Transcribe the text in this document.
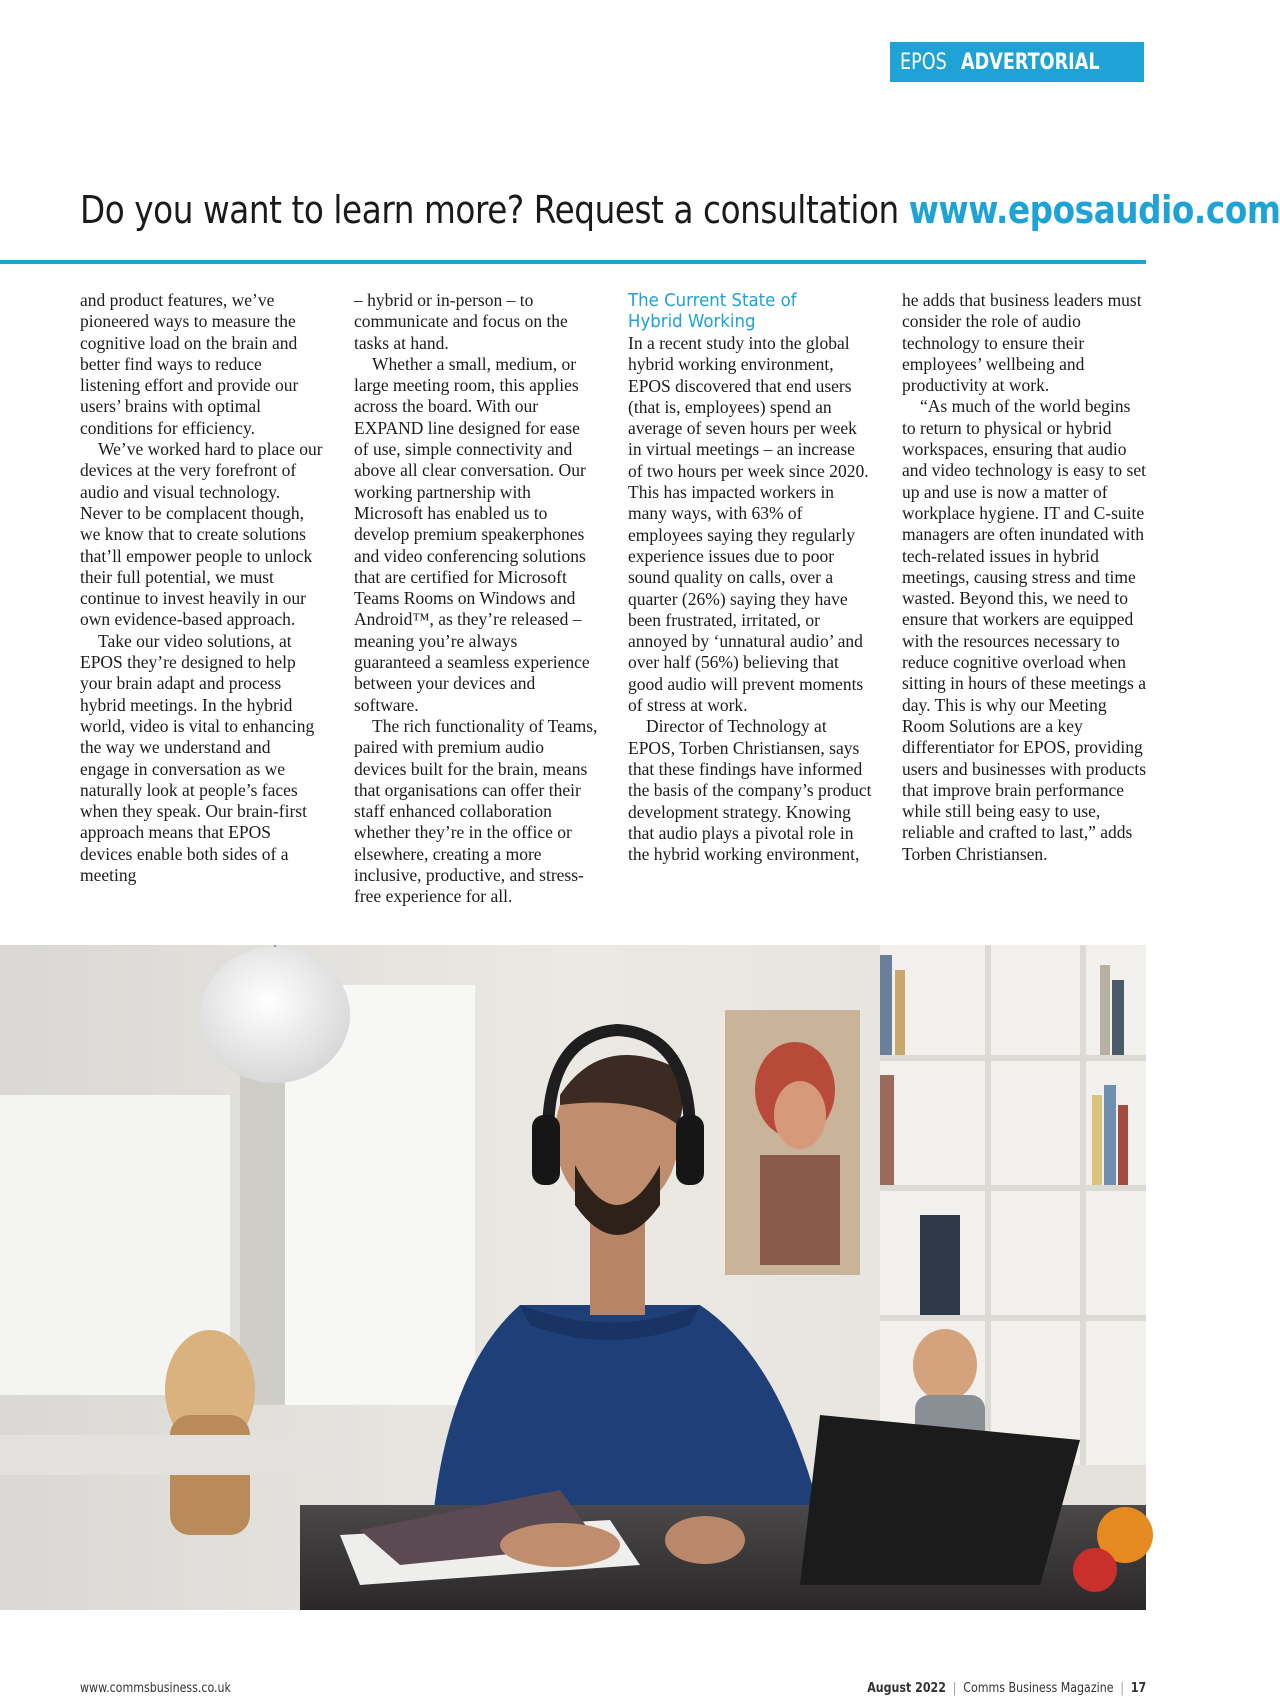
EPOS ADVERTORIAL
Do you want to learn more? Request a consultation www.eposaudio.com

and product features, we’ve pioneered ways to measure the cognitive load on the brain and better find ways to reduce listening effort and provide our users’ brains with optimal conditions for efficiency.

We’ve worked hard to place our devices at the very forefront of audio and visual technology. Never to be complacent though, we know that to create solutions that’ll empower people to unlock their full potential, we must continue to invest heavily in our own evidence-based approach.

Take our video solutions, at EPOS they’re designed to help your brain adapt and process hybrid meetings. In the hybrid world, video is vital to enhancing the way we understand and engage in conversation as we naturally look at people’s faces when they speak. Our brain-first approach means that EPOS devices enable both sides of a meeting

– hybrid or in-person – to communicate and focus on the tasks at hand.

Whether a small, medium, or large meeting room, this applies across the board. With our EXPAND line designed for ease of use, simple connectivity and above all clear conversation. Our working partnership with Microsoft has enabled us to develop premium speakerphones and video conferencing solutions that are certified for Microsoft Teams Rooms on Windows and Android™, as they’re released – meaning you’re always guaranteed a seamless experience between your devices and software.

The rich functionality of Teams, paired with premium audio devices built for the brain, means that organisations can offer their staff enhanced collaboration whether they’re in the office or elsewhere, creating a more inclusive, productive, and stress-free experience for all.

The Current State of Hybrid Working

In a recent study into the global hybrid working environment, EPOS discovered that end users (that is, employees) spend an average of seven hours per week in virtual meetings – an increase of two hours per week since 2020. This has impacted workers in many ways, with 63% of employees saying they regularly experience issues due to poor sound quality on calls, over a quarter (26%) saying they have been frustrated, irritated, or annoyed by ‘unnatural audio’ and over half (56%) believing that good audio will prevent moments of stress at work.

Director of Technology at EPOS, Torben Christiansen, says that these findings have informed the basis of the company’s product development strategy. Knowing that audio plays a pivotal role in the hybrid working environment,

he adds that business leaders must consider the role of audio technology to ensure their employees’ wellbeing and productivity at work.

“As much of the world begins to return to physical or hybrid workspaces, ensuring that audio and video technology is easy to set up and use is now a matter of workplace hygiene. IT and C-suite managers are often inundated with tech-related issues in hybrid meetings, causing stress and time wasted. Beyond this, we need to ensure that workers are equipped with the resources necessary to reduce cognitive overload when sitting in hours of these meetings a day. This is why our Meeting Room Solutions are a key differentiator for EPOS, providing users and businesses with products that improve brain performance while still being easy to use, reliable and crafted to last,” adds Torben Christiansen.

www.commsbusiness.co.uk	August 2022 | Comms Business Magazine | 17
